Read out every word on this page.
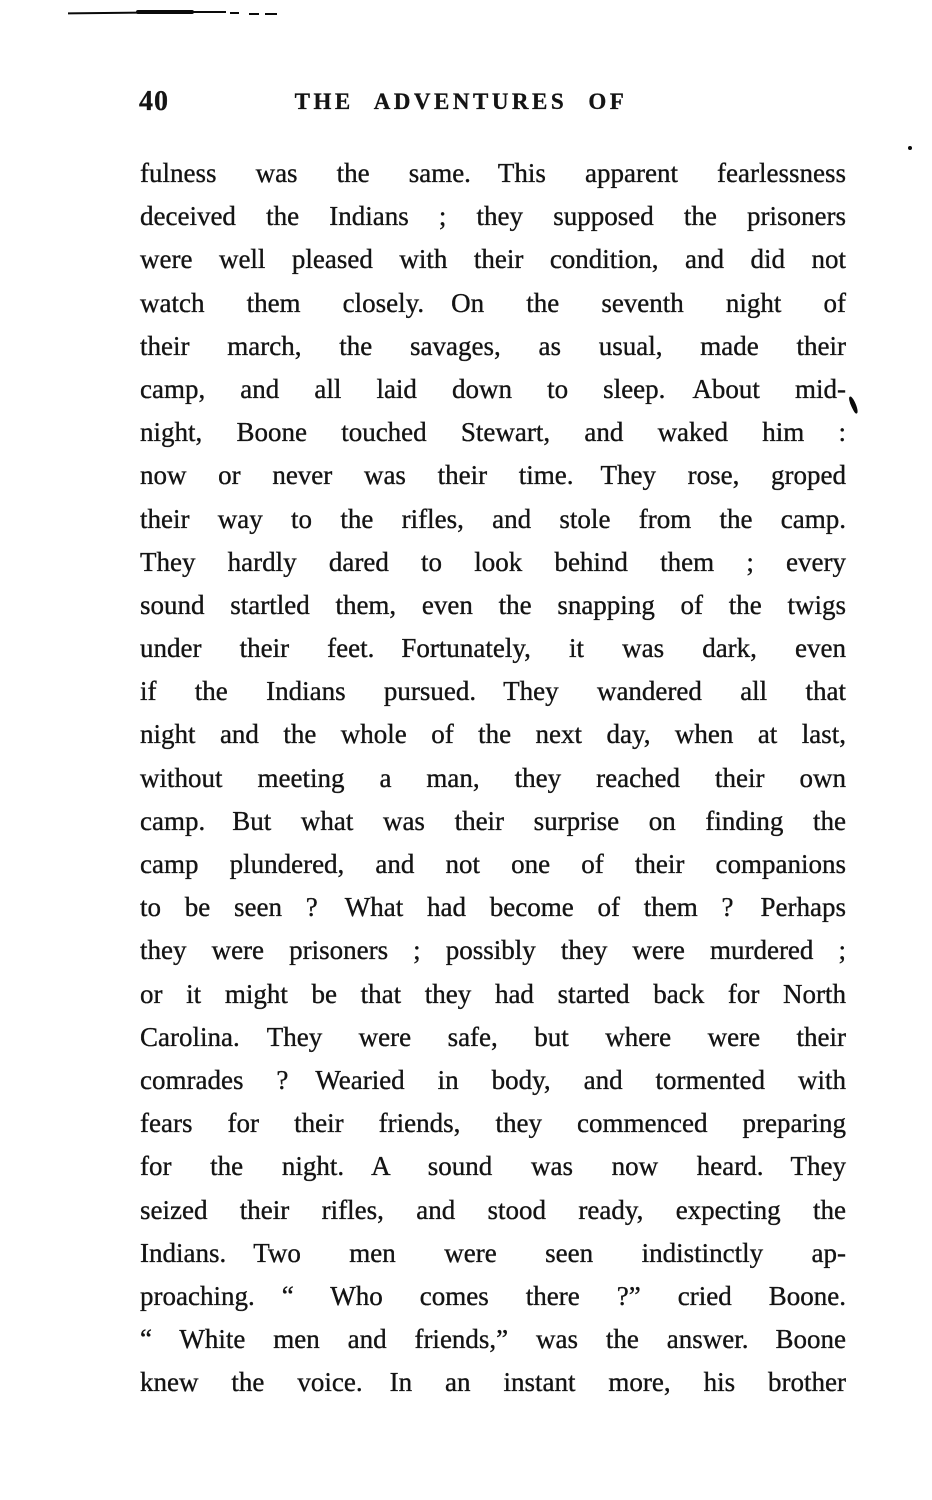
40	THE ADVENTURES OF
fulness was the same. This apparent fearlessness
deceived the Indians ; they supposed the prisoners
were well pleased with their condition, and did not
watch them closely. On the seventh night of
their march, the savages, as usual, made their
camp, and all laid down to sleep. About mid-
night, Boone touched Stewart, and waked him :
now or never was their time. They rose, groped
their way to the rifles, and stole from the camp.
They hardly dared to look behind them ; every
sound startled them, even the snapping of the twigs
under their feet. Fortunately, it was dark, even
if the Indians pursued. They wandered all that
night and the whole of the next day, when at last,
without meeting a man, they reached their own
camp. But what was their surprise on finding the
camp plundered, and not one of their companions
to be seen ? What had become of them ? Perhaps
they were prisoners ; possibly they were murdered ;
or it might be that they had started back for North
Carolina. They were safe, but where were their
comrades ? Wearied in body, and tormented with
fears for their friends, they commenced preparing
for the night. A sound was now heard. They
seized their rifles, and stood ready, expecting the
Indians. Two men were seen indistinctly ap-
proaching. “ Who comes there ?” cried Boone.
“ White men and friends,” was the answer. Boone
knew the voice. In an instant more, his brother
